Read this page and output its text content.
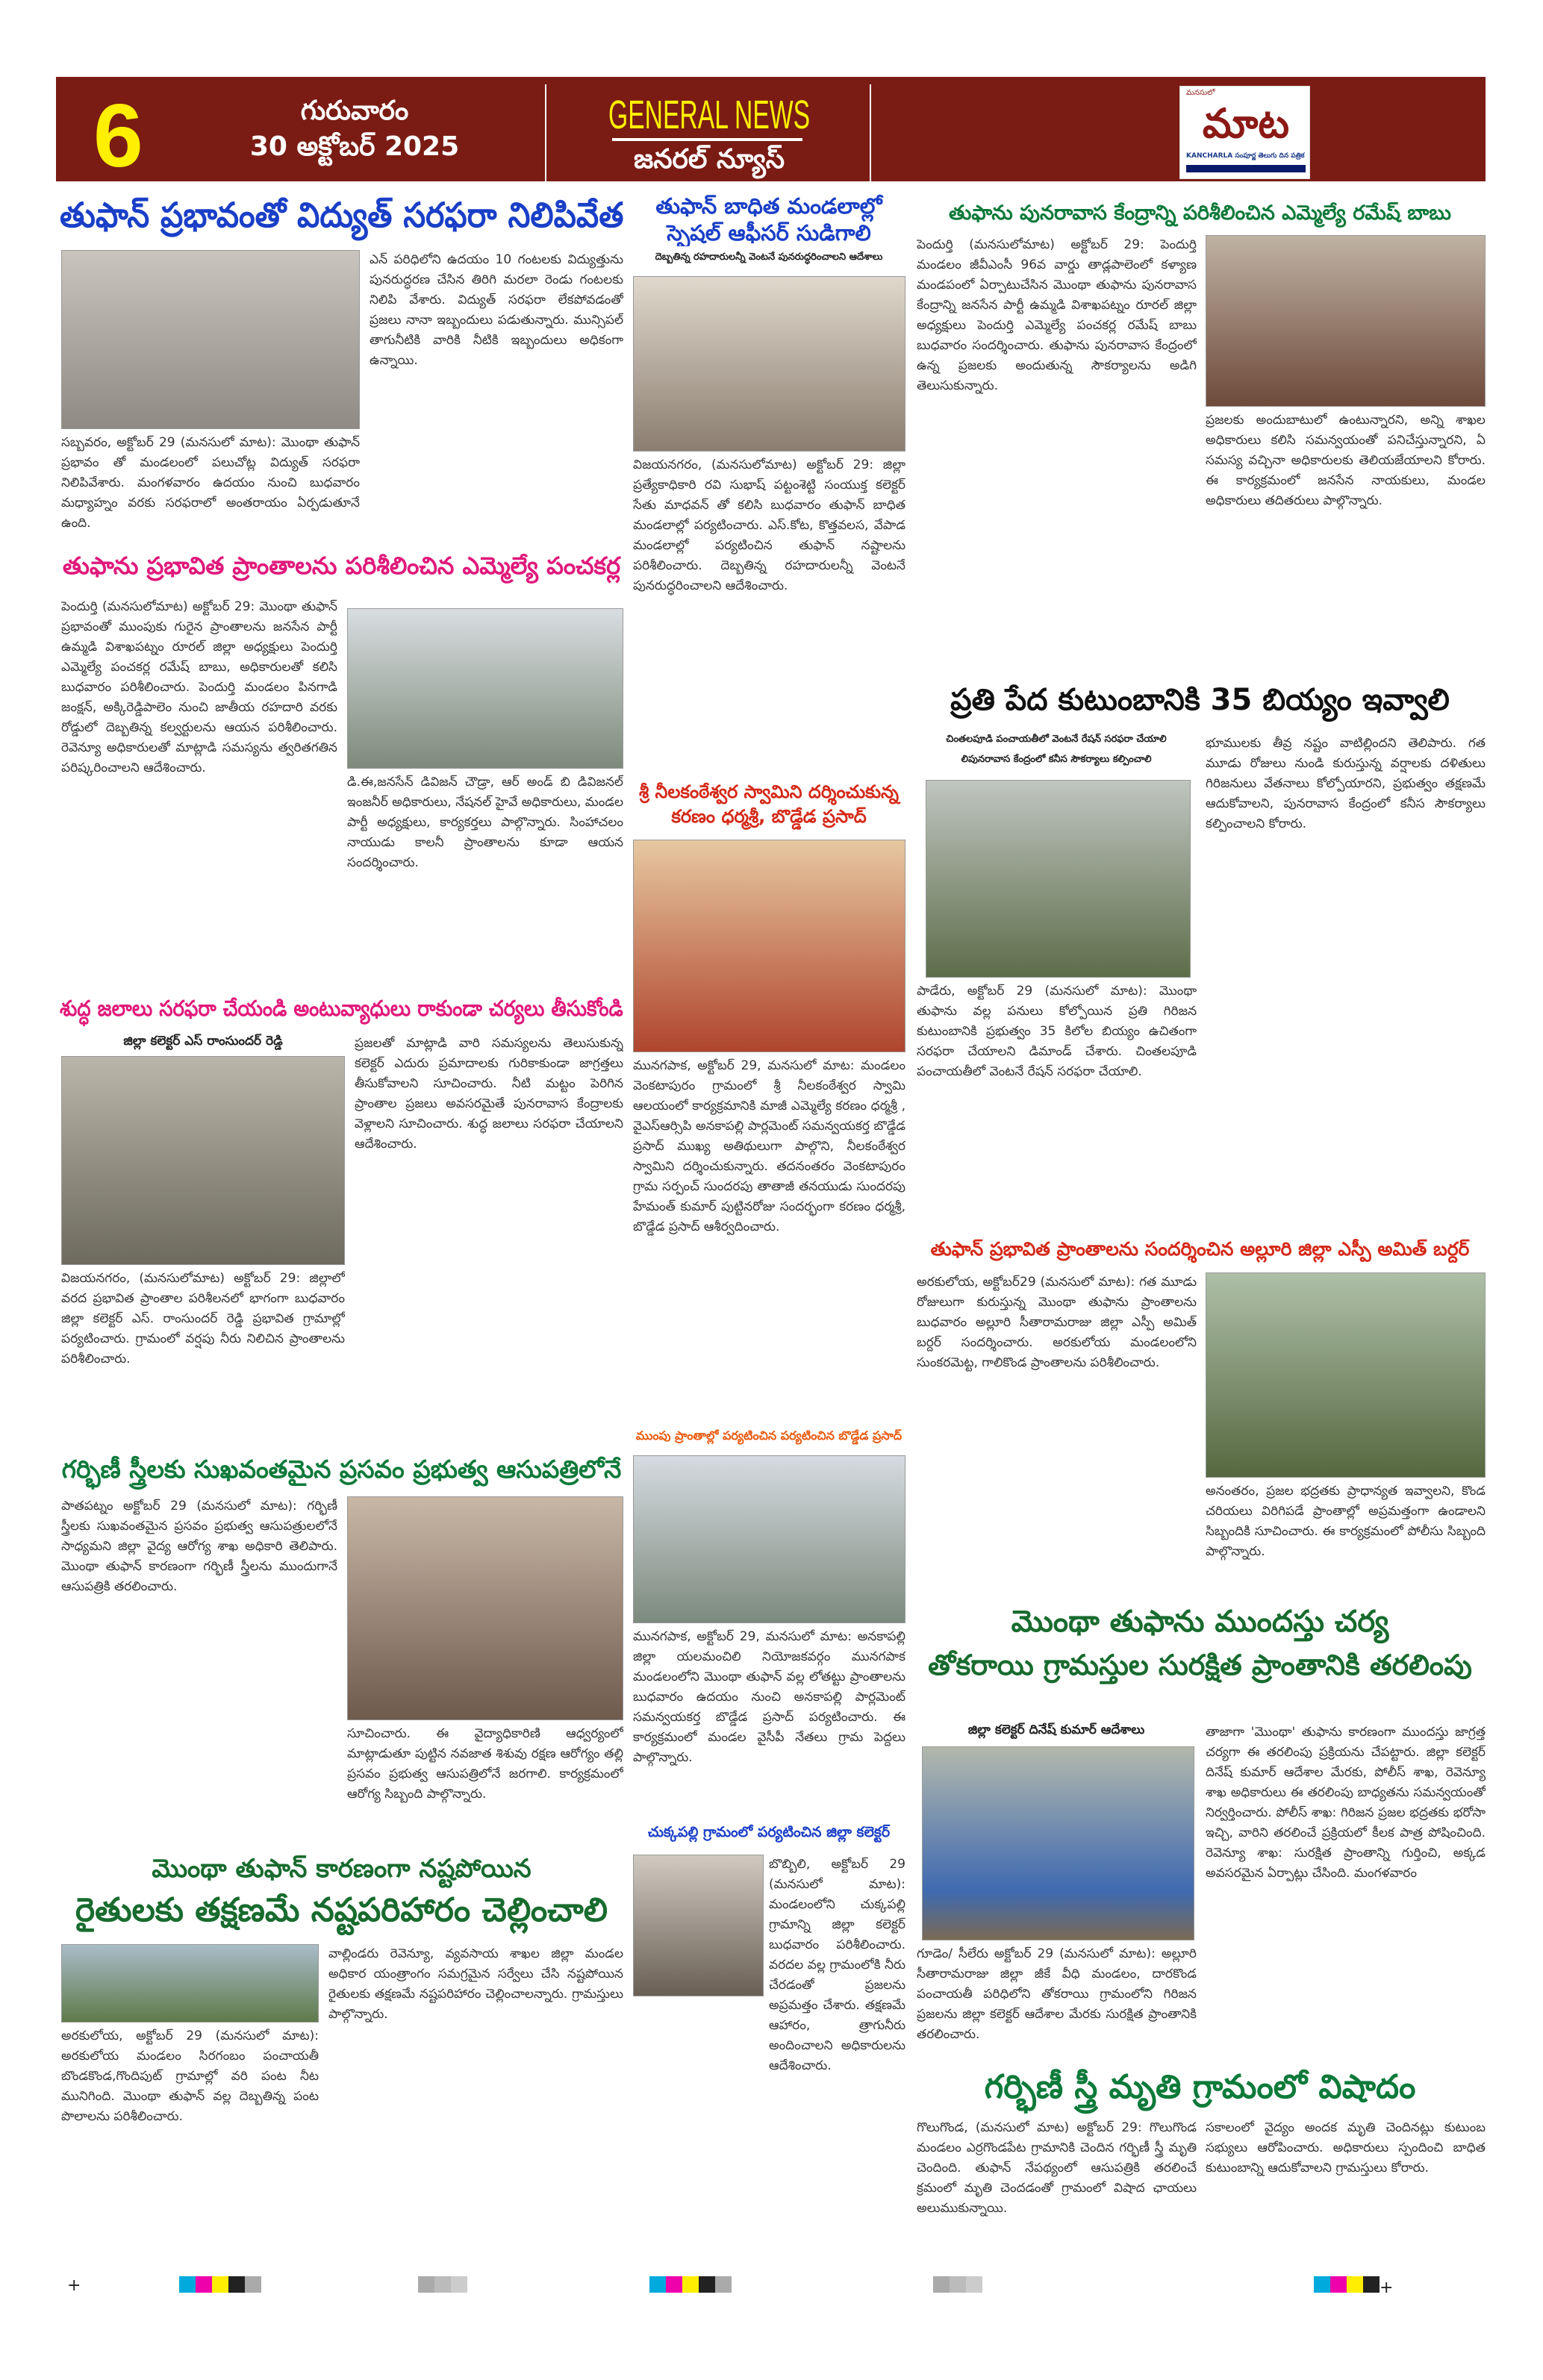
6	గురువారం
30 అక్టోబర్ 2025
GENERAL NEWS
జనరల్ న్యూస్
మనసులో
మాట
KANCHARLA సంపూర్ణ తెలుగు దిన పత్రిక
తుఫాన్ ప్రభావంతో విద్యుత్ సరఫరా నిలిపివేత
సబ్బవరం, అక్టోబర్ 29 (మనసులో మాట): మొంథా తుఫాన్ ప్రభావం తో మండలంలో పలుచోట్ల విద్యుత్ సరఫరా నిలిపివేశారు. మంగళవారం ఉదయం నుంచి బుధవారం మధ్యాహ్నం వరకు సరఫరాలో అంతరాయం ఏర్పడుతూనే ఉంది.
ఎన్ పరిధిలోని ఉదయం 10 గంటలకు విద్యుత్తును పునరుద్ధరణ చేసిన తిరిగి మరలా రెండు గంటలకు నిలిపి వేశారు. విద్యుత్ సరఫరా లేకపోవడంతో ప్రజలు నానా ఇబ్బందులు పడుతున్నారు. మున్సిపల్ తాగునీటికి వారికి నీటికి ఇబ్బందులు అధికంగా ఉన్నాయి.
తుఫాను ప్రభావిత ప్రాంతాలను పరిశీలించిన ఎమ్మెల్యే పంచకర్ల
పెందుర్తి (మనసులోమాట) అక్టోబర్ 29: మొంథా తుఫాన్ ప్రభావంతో ముంపుకు గురైన ప్రాంతాలను జనసేన పార్టీ ఉమ్మడి విశాఖపట్నం రూరల్ జిల్లా అధ్యక్షులు పెందుర్తి ఎమ్మెల్యే పంచకర్ల రమేష్ బాబు, అధికారులతో కలిసి బుధవారం పరిశీలించారు. పెందుర్తి మండలం పినగాడి జంక్షన్, అక్కిరెడ్డిపాలెం నుంచి జాతీయ రహదారి వరకు రోడ్డులో దెబ్బతిన్న కల్వర్టులను ఆయన పరిశీలించారు. రెవెన్యూ అధికారులతో మాట్లాడి సమస్యను త్వరితగతిన పరిష్కరించాలని ఆదేశించారు.
డి.ఈ,జనసేన్ డివిజన్ చౌడ్రా, ఆర్ అండ్ బి డివిజనల్ ఇంజనీర్ అధికారులు, నేషనల్ హైవే అధికారులు, మండల పార్టీ అధ్యక్షులు, కార్యకర్తలు పాల్గొన్నారు. సింహాచలం నాయుడు కాలనీ ప్రాంతాలను కూడా ఆయన సందర్శించారు.
శుద్ధ జలాలు సరఫరా చేయండి అంటువ్యాధులు రాకుండా చర్యలు తీసుకోండి
జిల్లా కలెక్టర్ ఎస్ రాంసుందర్ రెడ్డి
విజయనగరం, (మనసులోమాట) అక్టోబర్ 29: జిల్లాలో వరద ప్రభావిత ప్రాంతాల పరిశీలనలో భాగంగా బుధవారం జిల్లా కలెక్టర్ ఎస్. రాంసుందర్ రెడ్డి ప్రభావిత గ్రామాల్లో పర్యటించారు. గ్రామంలో వర్షపు నీరు నిలిచిన ప్రాంతాలను పరిశీలించారు.
ప్రజలతో మాట్లాడి వారి సమస్యలను తెలుసుకున్న కలెక్టర్ ఎదురు ప్రమాదాలకు గురికాకుండా జాగ్రత్తలు తీసుకోవాలని సూచించారు. నీటి మట్టం పెరిగిన ప్రాంతాల ప్రజలు అవసరమైతే పునరావాస కేంద్రాలకు వెళ్లాలని సూచించారు. శుద్ధ జలాలు సరఫరా చేయాలని ఆదేశించారు.
గర్భిణీ స్త్రీలకు సుఖవంతమైన ప్రసవం ప్రభుత్వ ఆసుపత్రిలోనే
పాతపట్నం అక్టోబర్ 29 (మనసులో మాట): గర్భిణీ స్త్రీలకు సుఖవంతమైన ప్రసవం ప్రభుత్వ ఆసుపత్రులలోనే సాధ్యమని జిల్లా వైద్య ఆరోగ్య శాఖ అధికారి తెలిపారు. మొంథా తుఫాన్ కారణంగా గర్భిణీ స్త్రీలను ముందుగానే ఆసుపత్రికి తరలించారు.
సూచించారు. ఈ వైద్యాధికారిణి ఆధ్వర్యంలో మాట్లాడుతూ పుట్టిన నవజాత శిశువు రక్షణ ఆరోగ్యం తల్లి ప్రసవం ప్రభుత్వ ఆసుపత్రిలోనే జరగాలి. కార్యక్రమంలో ఆరోగ్య సిబ్బంది పాల్గొన్నారు.
మొంథా తుఫాన్ కారణంగా నష్టపోయిన
రైతులకు తక్షణమే నష్టపరిహారం చెల్లించాలి
అరకులోయ, అక్టోబర్ 29 (మనసులో మాట): అరకులోయ మండలం సిరగంబం పంచాయతీ బొండకొండ,గొందిపుట్ గ్రామాల్లో వరి పంట నీట మునిగింది. మొంథా తుఫాన్ వల్ల దెబ్బతిన్న పంట పొలాలను పరిశీలించారు.
వాల్లిండరు రెవెన్యూ, వ్యవసాయ శాఖల జిల్లా మండల అధికార యంత్రాంగం సమగ్రమైన సర్వేలు చేసి నష్టపోయిన రైతులకు తక్షణమే నష్టపరిహారం చెల్లించాలన్నారు. గ్రామస్తులు పాల్గొన్నారు.
తుఫాన్ బాధిత మండలాల్లో స్పెషల్ ఆఫీసర్ సుడిగాలి
దెబ్బతిన్న రహదారులన్నీ వెంటనే పునరుద్ధరించాలని ఆదేశాలు
విజయనగరం, (మనసులోమాట) అక్టోబర్ 29: జిల్లా ప్రత్యేకాధికారి రవి సుభాష్ పట్టంశెట్టి సంయుక్త కలెక్టర్ సేతు మాధవన్ తో కలిసి బుధవారం తుఫాన్ బాధిత మండలాల్లో పర్యటించారు. ఎస్.కోట, కొత్తవలస, వేపాడ మండలాల్లో పర్యటించిన తుఫాన్ నష్టాలను పరిశీలించారు. దెబ్బతిన్న రహదారులన్నీ వెంటనే పునరుద్ధరించాలని ఆదేశించారు.
శ్రీ నీలకంఠేశ్వర స్వామిని దర్శించుకున్న కరణం ధర్మశ్రీ, బొడ్డేడ ప్రసాద్
మునగపాక, అక్టోబర్ 29, మనసులో మాట: మండలం వెంకటాపురం గ్రామంలో శ్రీ నీలకంఠేశ్వర స్వామి ఆలయంలో కార్యక్రమానికి మాజీ ఎమ్మెల్యే కరణం ధర్మశ్రీ , వైఎస్ఆర్సిపి అనకాపల్లి పార్లమెంట్ సమన్వయకర్త బొడ్డేడ ప్రసాద్ ముఖ్య అతిథులుగా పాల్గొని, నీలకంఠేశ్వర స్వామిని దర్శించుకున్నారు. తదనంతరం వెంకటాపురం గ్రామ సర్పంచ్ సుందరపు తాతాజీ తనయుడు సుందరపు హేమంత్ కుమార్ పుట్టినరోజు సందర్భంగా కరణం ధర్మశ్రీ, బొడ్డేడ ప్రసాద్ ఆశీర్వదించారు.
ముంపు ప్రాంతాల్లో పర్యటించిన పర్యటించిన బొడ్డేడ ప్రసాద్
మునగపాక, అక్టోబర్ 29, మనసులో మాట: అనకాపల్లి జిల్లా యలమంచిలి నియోజకవర్గం మునగపాక మండలంలోని మొంథా తుఫాన్ వల్ల లోతట్టు ప్రాంతాలను బుధవారం ఉదయం నుంచి అనకాపల్లి పార్లమెంట్ సమన్వయకర్త బొడ్డేడ ప్రసాద్ పర్యటించారు. ఈ కార్యక్రమంలో మండల వైసీపీ నేతలు గ్రామ పెద్దలు పాల్గొన్నారు.
చుక్కపల్లి గ్రామంలో పర్యటించిన జిల్లా కలెక్టర్
బొబ్బిలి, అక్టోబర్ 29 (మనసులో మాట): మండలంలోని చుక్కపల్లి గ్రామాన్ని జిల్లా కలెక్టర్ బుధవారం పరిశీలించారు. వరదల వల్ల గ్రామంలోకి నీరు చేరడంతో ప్రజలను అప్రమత్తం చేశారు. తక్షణమే ఆహారం, త్రాగునీరు అందించాలని అధికారులను ఆదేశించారు.
తుఫాను పునరావాస కేంద్రాన్ని పరిశీలించిన ఎమ్మెల్యే రమేష్ బాబు
పెందుర్తి (మనసులోమాట) అక్టోబర్ 29: పెందుర్తి మండలం జీవీఎంసీ 96వ వార్డు తాడ్లపాలెంలో కళ్యాణ మండపంలో ఏర్పాటుచేసిన మొంథా తుఫాను పునరావాస కేంద్రాన్ని జనసేన పార్టీ ఉమ్మడి విశాఖపట్నం రూరల్ జిల్లా అధ్యక్షులు పెందుర్తి ఎమ్మెల్యే పంచకర్ల రమేష్ బాబు బుధవారం సందర్శించారు. తుఫాను పునరావాస కేంద్రంలో ఉన్న ప్రజలకు అందుతున్న సౌకర్యాలను అడిగి తెలుసుకున్నారు.
ప్రజలకు అందుబాటులో ఉంటున్నారని, అన్ని శాఖల అధికారులు కలిసి సమన్వయంతో పనిచేస్తున్నారని, ఏ సమస్య వచ్చినా అధికారులకు తెలియజేయాలని కోరారు. ఈ కార్యక్రమంలో జనసేన నాయకులు, మండల అధికారులు తదితరులు పాల్గొన్నారు.
ప్రతి పేద కుటుంబానికి 35 బియ్యం ఇవ్వాలి
చింతలపూడి పంచాయతీలో వెంటనే రేషన్ సరఫరా చేయాలి
లిపునరావాస కేంద్రంలో కనీస సౌకర్యాలు కల్పించాలి
పాడేరు, అక్టోబర్ 29 (మనసులో మాట): మొంథా తుఫాను వల్ల పనులు కోల్పోయిన ప్రతి గిరిజన కుటుంబానికి ప్రభుత్వం 35 కిలోల బియ్యం ఉచితంగా సరఫరా చేయాలని డిమాండ్ చేశారు. చింతలపూడి పంచాయతీలో వెంటనే రేషన్ సరఫరా చేయాలి.
భూములకు తీవ్ర నష్టం వాటిల్లిందని తెలిపారు. గత మూడు రోజులు నుండి కురుస్తున్న వర్షాలకు దళితులు గిరిజనులు వేతనాలు కోల్పోయారని, ప్రభుత్వం తక్షణమే ఆదుకోవాలని, పునరావాస కేంద్రంలో కనీస సౌకర్యాలు కల్పించాలని కోరారు.
తుఫాన్ ప్రభావిత ప్రాంతాలను సందర్శించిన అల్లూరి జిల్లా ఎస్పీ అమిత్ బర్దర్
అరకులోయ, అక్టోబర్29 (మనసులో మాట): గత మూడు రోజులుగా కురుస్తున్న మొంథా తుఫాను ప్రాంతాలను బుధవారం అల్లూరి సీతారామరాజు జిల్లా ఎస్పీ అమిత్ బర్దర్ సందర్శించారు. అరకులోయ మండలంలోని సుంకరమెట్ట, గాలికొండ ప్రాంతాలను పరిశీలించారు.
అనంతరం, ప్రజల భద్రతకు ప్రాధాన్యత ఇవ్వాలని, కొండ చరియలు విరిగిపడే ప్రాంతాల్లో అప్రమత్తంగా ఉండాలని సిబ్బందికి సూచించారు. ఈ కార్యక్రమంలో పోలీసు సిబ్బంది పాల్గొన్నారు.
మొంథా తుఫాను ముందస్తు చర్య
తోకరాయి గ్రామస్తుల సురక్షిత ప్రాంతానికి తరలింపు
జిల్లా కలెక్టర్ దినేష్ కుమార్ ఆదేశాలు
గూడెం/ సీలేరు అక్టోబర్ 29 (మనసులో మాట): అల్లూరి సీతారామరాజు జిల్లా జీకే వీధి మండలం, దారకొండ పంచాయతీ పరిధిలోని తోకరాయి గ్రామంలోని గిరిజన ప్రజలను జిల్లా కలెక్టర్ ఆదేశాల మేరకు సురక్షిత ప్రాంతానికి తరలించారు.
తాజాగా 'మొంథా' తుఫాను కారణంగా ముందస్తు జాగ్రత్త చర్యగా ఈ తరలింపు ప్రక్రియను చేపట్టారు. జిల్లా కలెక్టర్ దినేష్ కుమార్ ఆదేశాల మేరకు, పోలీస్ శాఖ, రెవెన్యూ శాఖ అధికారులు ఈ తరలింపు బాధ్యతను సమన్వయంతో నిర్వర్తించారు. పోలీస్ శాఖ: గిరిజన ప్రజల భద్రతకు భరోసా ఇచ్చి, వారిని తరలించే ప్రక్రియలో కీలక పాత్ర పోషించింది. రెవెన్యూ శాఖ: సురక్షిత ప్రాంతాన్ని గుర్తించి, అక్కడ అవసరమైన ఏర్పాట్లు చేసింది. మంగళవారం
గర్భిణీ స్త్రీ మృతి గ్రామంలో విషాదం
గొలుగొండ, (మనసులో మాట) అక్టోబర్ 29: గొలుగొండ మండలం ఎర్రగొండపేట గ్రామానికి చెందిన గర్భిణీ స్త్రీ మృతి చెందింది. తుఫాన్ నేపథ్యంలో ఆసుపత్రికి తరలించే క్రమంలో మృతి చెందడంతో గ్రామంలో విషాద ఛాయలు అలుముకున్నాయి.
సకాలంలో వైద్యం అందక మృతి చెందినట్లు కుటుంబ సభ్యులు ఆరోపించారు. అధికారులు స్పందించి బాధిత కుటుంబాన్ని ఆదుకోవాలని గ్రామస్తులు కోరారు.
+	+
